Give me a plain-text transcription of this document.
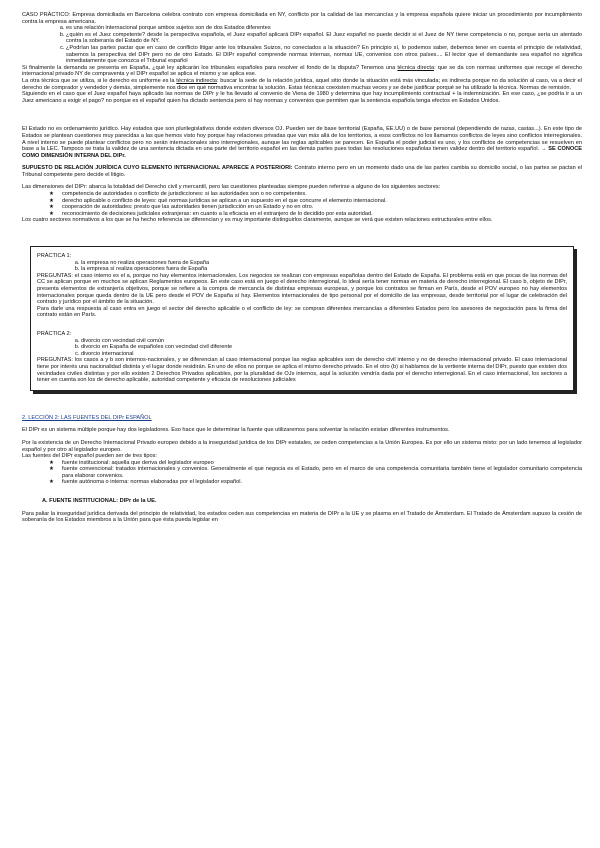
CASO PRÁCTICO: Empresa domiciliada en Barcelona celebra contrato con empresa domiciliada en NY, conflicto por la calidad de las mercancías y la empresa española quiere iniciar un procedimiento por incumplimiento contra la empresa americana.

a. es una relación internacional porque ambos sujetos son de dos Estados diferentes
b. ¿quién es el Juez competente? desde la perspectiva española, el Juez español aplicará DIPr español. El Juez español no puede decidir si el Juez de NY tiene competencia o no, porque sería un atentado contra la soberanía del Estado de NY.
c. ¿Podrían las partes pactar que en caso de conflicto litigar ante los tribunales Suizos, no conectados a la situación? En principio sí, lo podemos saber, debemos tener en cuenta el principio de relatividad, sabemos la perspectiva del DIPr pero no de otro Estado. El DIPr español comprende normas internas, normas UE, convenios con otros países.... El lector que el demandante sea español no significa inmediatamente que conozca el Tribunal español

Si finalmente la demanda se presenta en España, ¿qué ley aplicarán los tribunales españoles para resolver el fondo de la disputa? Tenemos una técnica directa: que se da con normas uniformes que recoge el derecho internacional privado NY de compraventa y el DIPr español se aplica el mismo y se aplica ese.

La otra técnica que se utiliza, si le derecho es uniforme es la técnica indirecta: buscar la sede de la relación jurídica, aquel sitio donde la situación está más vinculada; es indirecta porque no da solución al caso, va a decir el derecho de comprador y vendedor y demás, simplemente nos dice en qué normativa encontrar la solución. Estas técnicas coexisten muchas veces y se debe justificar porqué se ha utilizado la técnica. Normas de remisión.

Siguiendo en el caso que el Juez español haya aplicado las normas de DIPr y le ha llevado al convenio de Viena de 1980 y determina que hay incumplimiento contractual + la indemnización. En ese caso, ¿se podría ir a un Juez americano a exigir el pago? no porque es el español quien ha dictado sentencia pero sí hay normas y convenios que permiten que la sentencia española tenga efectos en Estados Unidos.

El Estado no es ordenamiento jurídico. Hay estados que son plurilegislativos donde existen diversos OJ. Pueden ser de base territorial (España, EE.UU) o de base personal (dependiendo de razas, castas...). En este tipo de Estados se plantean cuestiones muy parecidas a las que hemos visto hoy porque hay relaciones privadas que van más allá de los territorios, a esos conflictos no los llamamos conflictos de leyes sino conflictos interregionales. A nivel interno se puede plantear conflictos pero no serán internacionales sino interregionales, aunque las reglas aplicables se parecen. En España el poder judicial es uno, y los conflictos de competencias se resuelven en base a la LEC. Tampoco se trata la validez de una sentencia dictada en una parte del territorio español en las demás partes pues todas las resoluciones españolas tienen validez dentro del territorio español. → SE CONOCE COMO DIMENSIÓN INTERNA DEL DIPr.

SUPUESTO DE RELACIÓN JURÍDICA CUYO ELEMENTO INTERNACIONAL APARECE A POSTERIORI: Contrato interno pero en un momento dado una de las partes cambia su domicilio social, o las partes se pactan el Tribunal competente pero decide el litigio.

Las dimensiones del DIPr: abarca la totalidad del Derecho civil y mercantil, pero las cuestiones planteadas siempre pueden referirse a alguno de los siguientes sectores:

★ competencia de autoridades o conflicto de jurisdicciones: si las autoridades son o no competentes.
★ derecho aplicable o conflicto de leyes: qué normas jurídicas se aplican a un supuesto en el que concurre el elemento internacional.
★ cooperación de autoridades: presto que las autoridades tienen jurisdicción en un Estado y no en otro.
★ reconocimiento de decisiones judiciales extranjeras: en cuanto a la eficacia en el extranjero de lo decidido por esta autoridad.

Los cuatro sectores normativos a los que se ha hecho referencia se diferencian y es muy importante distinguirlos claramente, aunque se verá que existen relaciones estructurales entre ellos.

PRÁCTICA 1:

a. la empresa no realiza operaciones fuera de España
b. la empresa sí realiza operaciones fuera de España

PREGUNTAS: el caso interno es el a, porque no hay elementos internacionales. Los negocios se realizan con empresas españolas dentro del Estado de España. El problema está en que pocas de las normas del CC se aplican porque en muchos se aplican Reglamentos europeos. En este caso está en juego el derecho interregional, lo ideal sería tener normas en materia de derecho interregional. El caso b, objeto de DIPr, presenta elementos de extranjería objetivos, porque se refiere a la compra de mercancía de distintas empresas europeas, y porque los contratos se firman en París, desde el POV europeo no hay elementos internacionales porque queda dentro de la UE pero desde el POV de España sí hay. Elementos internacionales de tipo personal por el domicilio de las empresas, desde territorial por el lugar de celebración del contrato y jurídico por el ámbito de la situación.

Para darle una respuesta al caso entra en juego el sector del derecho aplicable o el conflicto de ley: se compran diferentes mercancías a diferentes Estados pero los asesores de negociación para la firma del contrato están en París.

PRÁCTICA 2:

a. divorcio con vecindad civil común
b. divorcio en España de españoles con vecindad civil diferente
c. divorcio internacional

PREGUNTAS: los casos a y b son internos-nacionales, y se diferencian al caso internacional porque las reglas aplicables son de derecho civil interno y no de derecho internacional privado. El caso internacional tiene por interés una nacionalidad distinta y el lugar donde residirán. En uno de ellos no porque se aplica el mismo derecho privado. En el otro (b) si hablamos de la vertiente interna del DIPr, puesto que existen dos vecindades civiles distintas y por ello existen 2 Derechos Privados aplicables, por la pluralidad de OJs internos, aquí la solución vendría dada por el derecho interregional. En el caso internacional, los sectores a tener en cuenta son los de derecho aplicable, autoridad competente y eficacia de resoluciones judiciales

2. LECCIÓN 2: LAS FUENTES DEL DIPr ESPAÑOL

El DIPr es un sistema múltiple porque hay dos legisladores. Eso hace que le determinar la fuente que utilizaremos para solventar la relación existan diferentes instrumentos.

Por la existencia de un Derecho Internacional Privado europeo debido a la inseguridad jurídica de los DIPr estatales, se ceden competencias a la Unión Europea. Es por ello un sistema mixto: por un lado tenemos al legislador español y por otro al legislador europeo.

Las fuentes del DIPr español pueden ser de tres tipos:

★ fuente institucional: aquella que deriva del legislador europeo
★ fuente convencional: tratados internacionales y convenios. Generalmente el que negocia es el Estado, pero en el marco de una competencia comunitaria también tiene el legislador comunitario competencia para elaborar convenios.
★ fuente autónoma o interna: normas elaboradas por el legislador español.

A. FUENTE INSTITUCIONAL: DIPr de la UE.

Para paliar la inseguridad jurídica derivada del principio de relatividad, los estados ceden sus competencias en materia de DIPr a la UE y se plasma en el Tratado de Ámsterdam. El Tratado de Ámsterdam supuso la cesión de soberanía de los Estados miembros a la Unión para que ésta pueda legislar en
